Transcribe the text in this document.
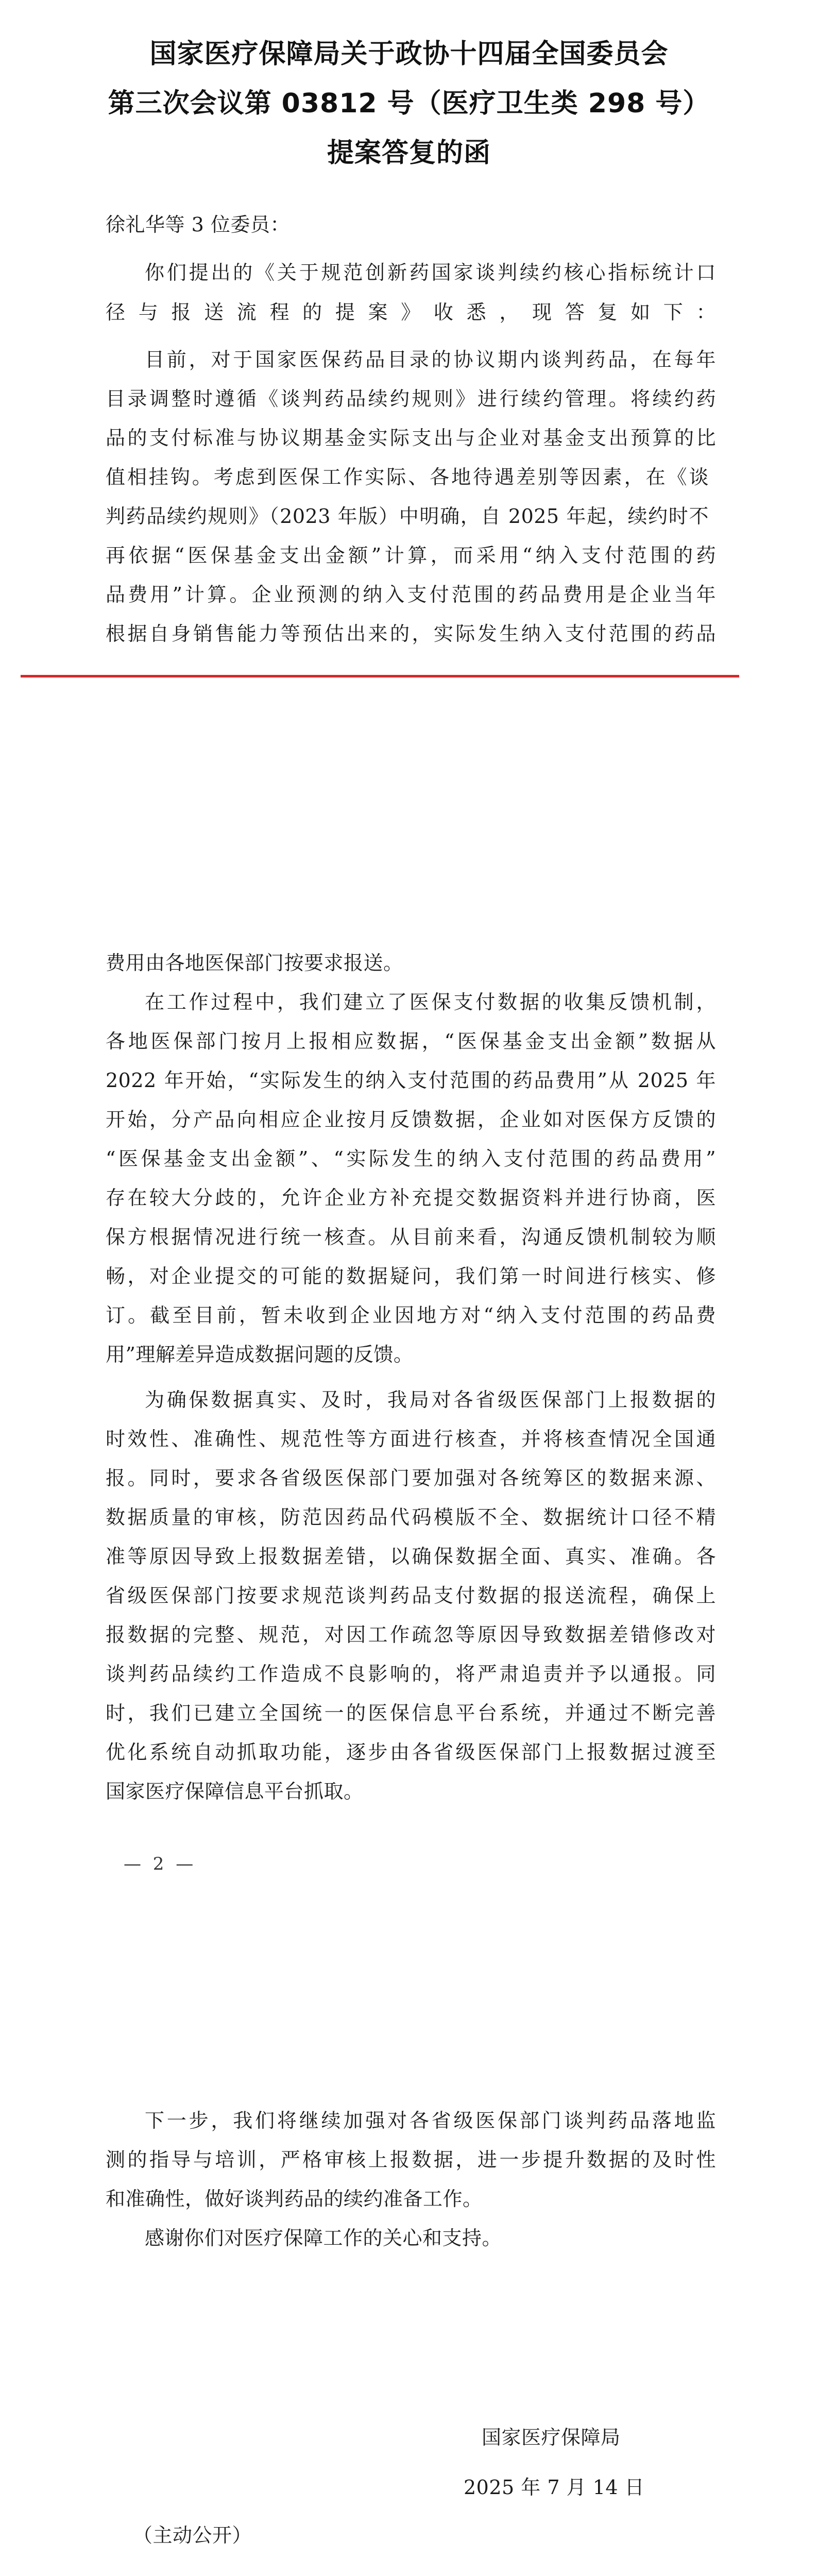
国家医疗保障局关于政协十四届全国委员会
第三次会议第 03812 号（医疗卫生类 298 号）
提案答复的函
徐礼华等 3 位委员：
你们提出的《关于规范创新药国家谈判续约核心指标统计口
径与报送流程的提案》收悉，现答复如下：
目前，对于国家医保药品目录的协议期内谈判药品，在每年
目录调整时遵循《谈判药品续约规则》进行续约管理。将续约药
品的支付标准与协议期基金实际支出与企业对基金支出预算的比
值相挂钩。考虑到医保工作实际、各地待遇差别等因素，在《谈
判药品续约规则》（2023 年版）中明确，自 2025 年起，续约时不
再依据“医保基金支出金额”计算，而采用“纳入支付范围的药
品费用”计算。企业预测的纳入支付范围的药品费用是企业当年
根据自身销售能力等预估出来的，实际发生纳入支付范围的药品
费用由各地医保部门按要求报送。
在工作过程中，我们建立了医保支付数据的收集反馈机制，
各地医保部门按月上报相应数据，“医保基金支出金额”数据从
2022 年开始，“实际发生的纳入支付范围的药品费用”从 2025 年
开始，分产品向相应企业按月反馈数据，企业如对医保方反馈的
“医保基金支出金额”、“实际发生的纳入支付范围的药品费用”
存在较大分歧的，允许企业方补充提交数据资料并进行协商，医
保方根据情况进行统一核查。从目前来看，沟通反馈机制较为顺
畅，对企业提交的可能的数据疑问，我们第一时间进行核实、修
订。截至目前，暂未收到企业因地方对“纳入支付范围的药品费
用”理解差异造成数据问题的反馈。
为确保数据真实、及时，我局对各省级医保部门上报数据的
时效性、准确性、规范性等方面进行核查，并将核查情况全国通
报。同时，要求各省级医保部门要加强对各统筹区的数据来源、
数据质量的审核，防范因药品代码模版不全、数据统计口径不精
准等原因导致上报数据差错，以确保数据全面、真实、准确。各
省级医保部门按要求规范谈判药品支付数据的报送流程，确保上
报数据的完整、规范，对因工作疏忽等原因导致数据差错修改对
谈判药品续约工作造成不良影响的，将严肃追责并予以通报。同
时，我们已建立全国统一的医保信息平台系统，并通过不断完善
优化系统自动抓取功能，逐步由各省级医保部门上报数据过渡至
国家医疗保障信息平台抓取。
— 2 —
下一步，我们将继续加强对各省级医保部门谈判药品落地监
测的指导与培训，严格审核上报数据，进一步提升数据的及时性
和准确性，做好谈判药品的续约准备工作。
感谢你们对医疗保障工作的关心和支持。
国家医疗保障局
2025 年 7 月 14 日
（主动公开）
